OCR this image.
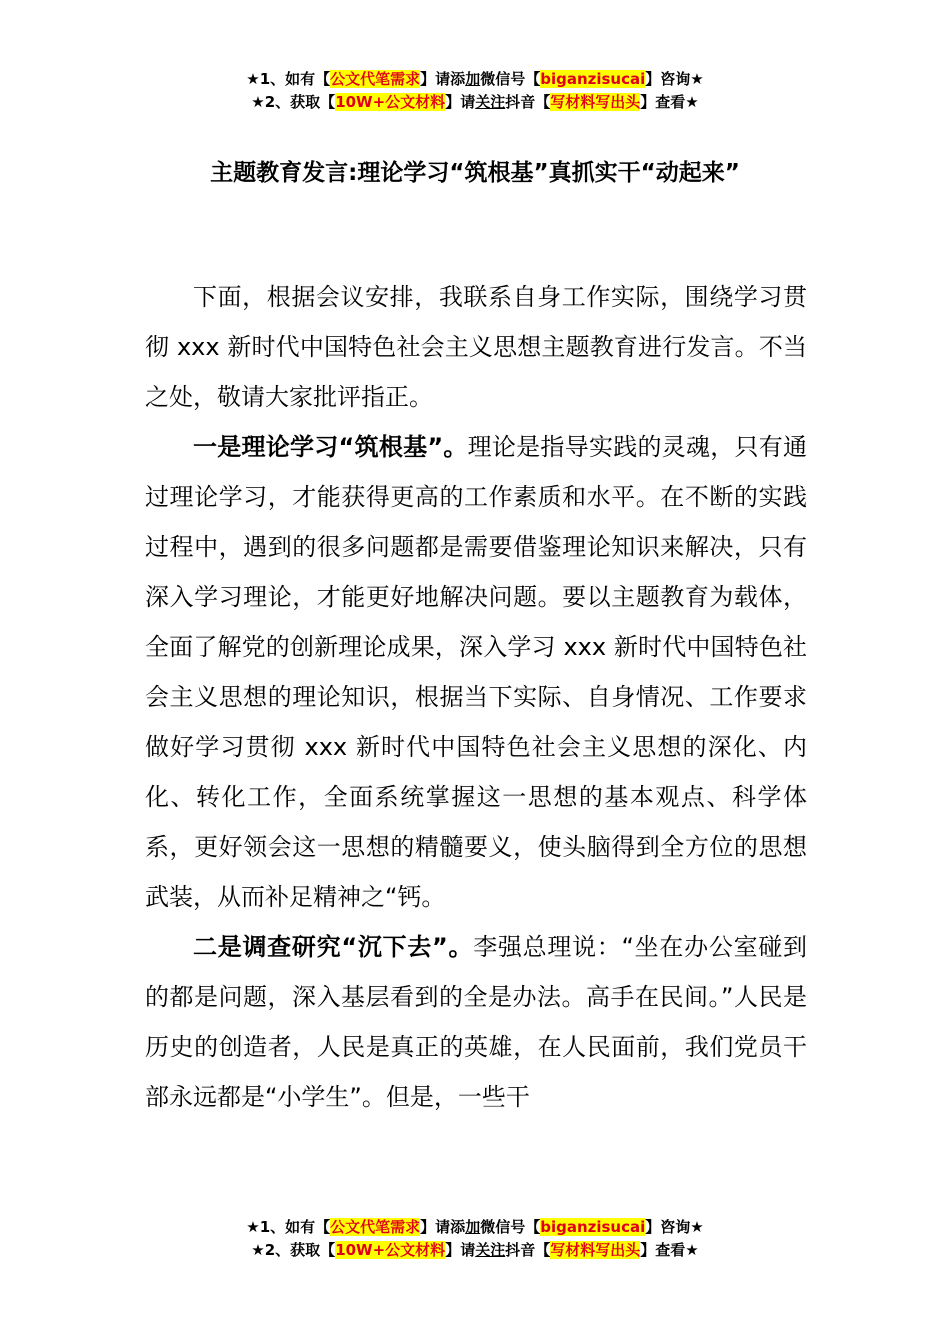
★1、如有【公文代笔需求】请添加微信号【biganzisucai】咨询★
★2、获取【10W+公文材料】请关注抖音【写材料写出头】查看★
主题教育发言:理论学习“筑根基”真抓实干“动起来”

下面，根据会议安排，我联系自身工作实际，围绕学习贯彻 xxx 新时代中国特色社会主义思想主题教育进行发言。不当之处，敬请大家批评指正。

一是理论学习“筑根基”。理论是指导实践的灵魂，只有通过理论学习，才能获得更高的工作素质和水平。在不断的实践过程中，遇到的很多问题都是需要借鉴理论知识来解决，只有深入学习理论，才能更好地解决问题。要以主题教育为载体，全面了解党的创新理论成果，深入学习 xxx 新时代中国特色社会主义思想的理论知识，根据当下实际、自身情况、工作要求做好学习贯彻 xxx 新时代中国特色社会主义思想的深化、内化、转化工作，全面系统掌握这一思想的基本观点、科学体系，更好领会这一思想的精髓要义，使头脑得到全方位的思想武装，从而补足精神之“钙。

二是调查研究“沉下去”。李强总理说：“坐在办公室碰到的都是问题，深入基层看到的全是办法。高手在民间。”人民是历史的创造者，人民是真正的英雄，在人民面前，我们党员干部永远都是“小学生”。但是，一些干

★1、如有【公文代笔需求】请添加微信号【biganzisucai】咨询★
★2、获取【10W+公文材料】请关注抖音【写材料写出头】查看★
